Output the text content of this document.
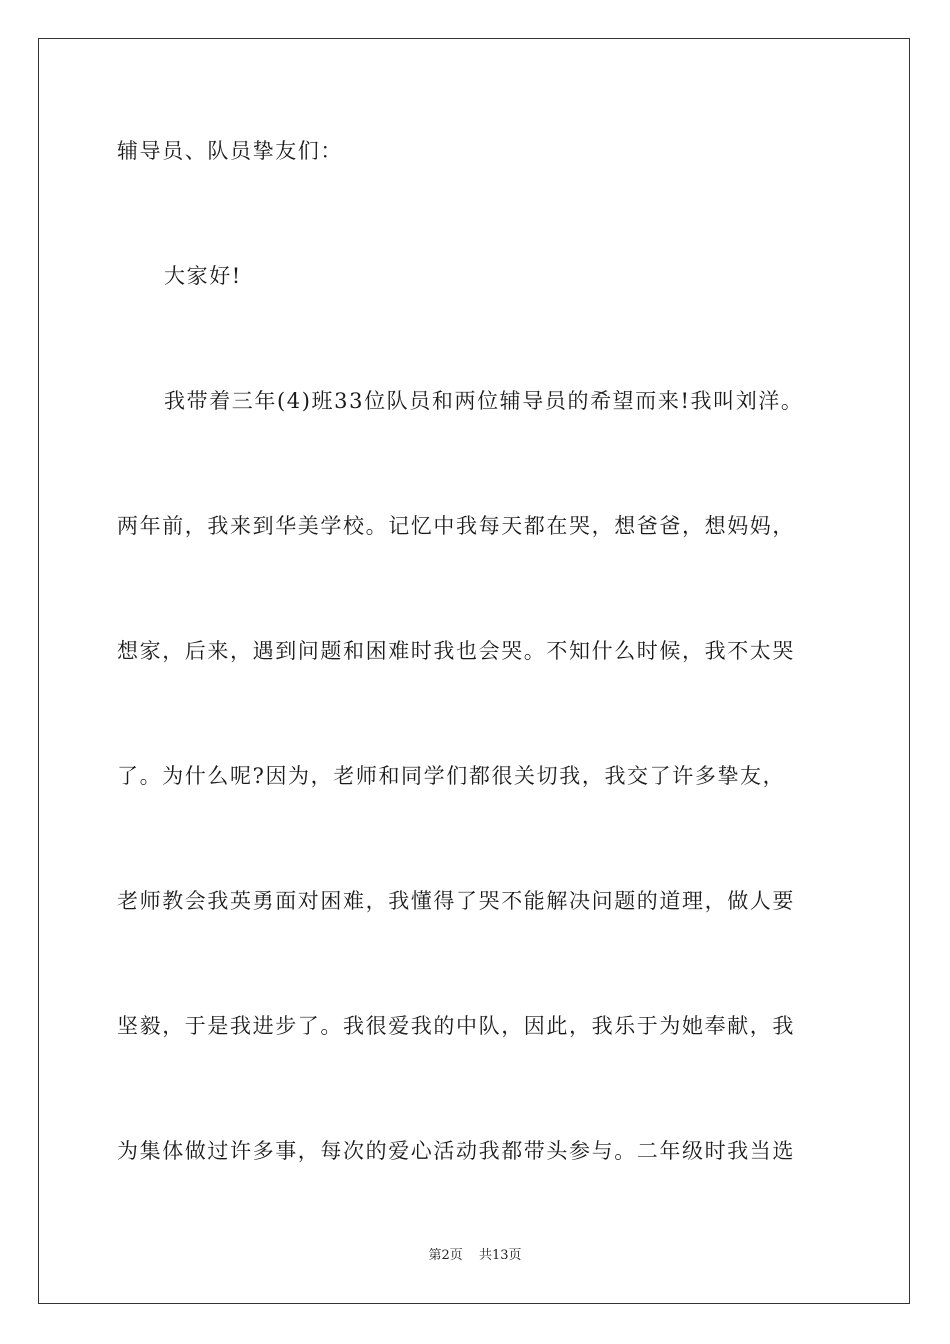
辅导员、队员挚友们：
大家好!
我带着三年(4)班33位队员和两位辅导员的希望而来!我叫刘洋。
两年前，我来到华美学校。记忆中我每天都在哭，想爸爸，想妈妈，
想家，后来，遇到问题和困难时我也会哭。不知什么时候，我不太哭
了。为什么呢?因为，老师和同学们都很关切我，我交了许多挚友，
老师教会我英勇面对困难，我懂得了哭不能解决问题的道理，做人要
坚毅，于是我进步了。我很爱我的中队，因此，我乐于为她奉献，我
为集体做过许多事，每次的爱心活动我都带头参与。二年级时我当选
第2页 共13页
